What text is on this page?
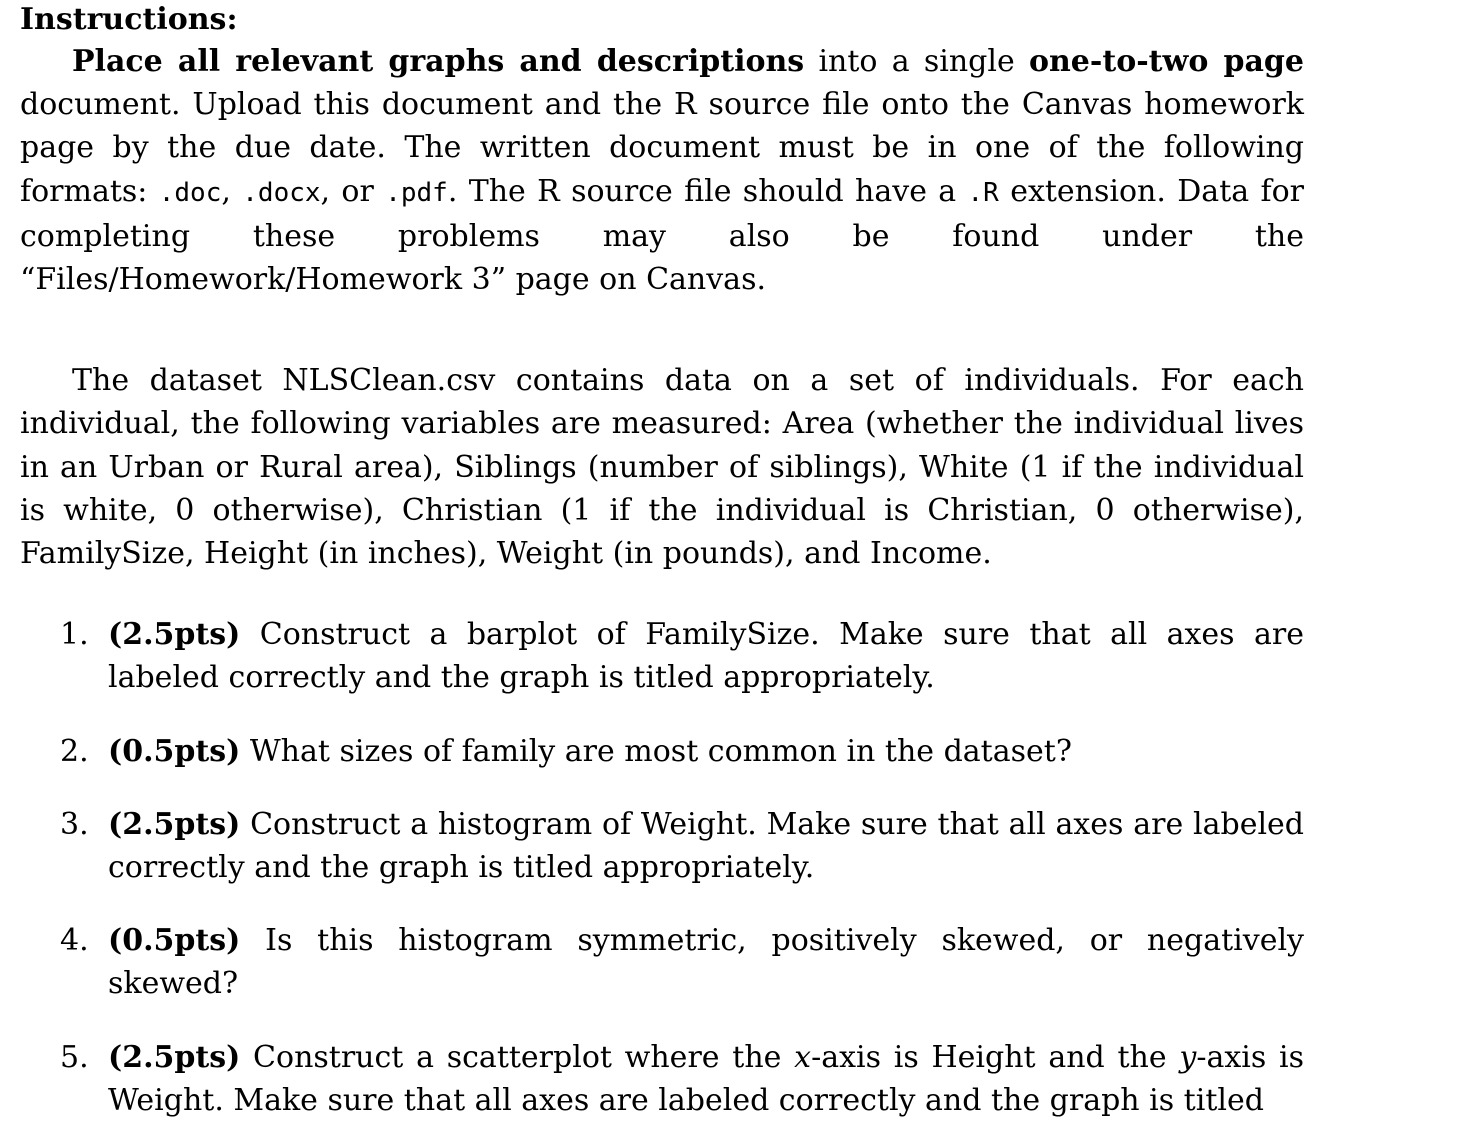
Instructions:

Place all relevant graphs and descriptions into a single one-to-two page document. Upload this document and the R source file onto the Canvas homework page by the due date. The written document must be in one of the following formats: .doc, .docx, or .pdf. The R source file should have a .R extension. Data for completing these problems may also be found under the “Files/Homework/Homework 3” page on Canvas.

The dataset NLSClean.csv contains data on a set of individuals. For each individual, the following variables are measured: Area (whether the individual lives in an Urban or Rural area), Siblings (number of siblings), White (1 if the individual is white, 0 otherwise), Christian (1 if the individual is Christian, 0 otherwise), FamilySize, Height (in inches), Weight (in pounds), and Income.

1. (2.5pts) Construct a barplot of FamilySize. Make sure that all axes are labeled correctly and the graph is titled appropriately.
2. (0.5pts) What sizes of family are most common in the dataset?
3. (2.5pts) Construct a histogram of Weight. Make sure that all axes are labeled correctly and the graph is titled appropriately.
4. (0.5pts) Is this histogram symmetric, positively skewed, or negatively skewed?
5. (2.5pts) Construct a scatterplot where the x-axis is Height and the y-axis is Weight. Make sure that all axes are labeled correctly and the graph is titled
